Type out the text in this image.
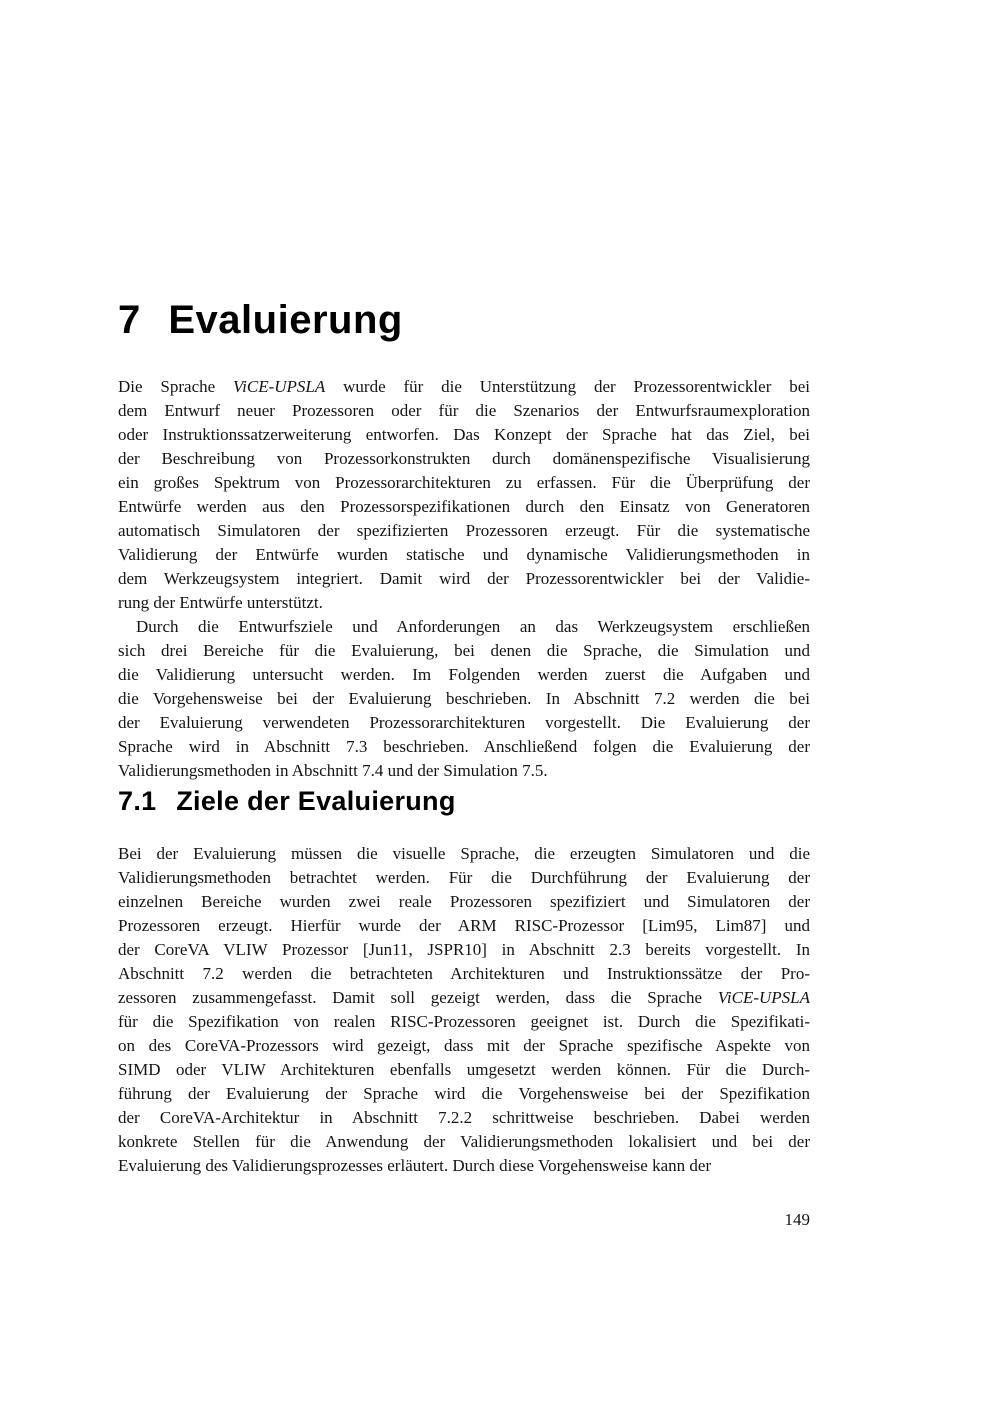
7 Evaluierung
Die Sprache ViCE-UPSLA wurde für die Unterstützung der Prozessorentwickler bei
dem Entwurf neuer Prozessoren oder für die Szenarios der Entwurfsraumexploration
oder Instruktionssatzerweiterung entworfen. Das Konzept der Sprache hat das Ziel, bei
der Beschreibung von Prozessorkonstrukten durch domänenspezifische Visualisierung
ein großes Spektrum von Prozessorarchitekturen zu erfassen. Für die Überprüfung der
Entwürfe werden aus den Prozessorspezifikationen durch den Einsatz von Generatoren
automatisch Simulatoren der spezifizierten Prozessoren erzeugt. Für die systematische
Validierung der Entwürfe wurden statische und dynamische Validierungsmethoden in
dem Werkzeugsystem integriert. Damit wird der Prozessorentwickler bei der Validie-
rung der Entwürfe unterstützt.
Durch die Entwurfsziele und Anforderungen an das Werkzeugsystem erschließen
sich drei Bereiche für die Evaluierung, bei denen die Sprache, die Simulation und
die Validierung untersucht werden. Im Folgenden werden zuerst die Aufgaben und
die Vorgehensweise bei der Evaluierung beschrieben. In Abschnitt 7.2 werden die bei
der Evaluierung verwendeten Prozessorarchitekturen vorgestellt. Die Evaluierung der
Sprache wird in Abschnitt 7.3 beschrieben. Anschließend folgen die Evaluierung der
Validierungsmethoden in Abschnitt 7.4 und der Simulation 7.5.
7.1 Ziele der Evaluierung
Bei der Evaluierung müssen die visuelle Sprache, die erzeugten Simulatoren und die
Validierungsmethoden betrachtet werden. Für die Durchführung der Evaluierung der
einzelnen Bereiche wurden zwei reale Prozessoren spezifiziert und Simulatoren der
Prozessoren erzeugt. Hierfür wurde der ARM RISC-Prozessor [Lim95, Lim87] und
der CoreVA VLIW Prozessor [Jun11, JSPR10] in Abschnitt 2.3 bereits vorgestellt. In
Abschnitt 7.2 werden die betrachteten Architekturen und Instruktionssätze der Pro-
zessoren zusammengefasst. Damit soll gezeigt werden, dass die Sprache ViCE-UPSLA
für die Spezifikation von realen RISC-Prozessoren geeignet ist. Durch die Spezifikati-
on des CoreVA-Prozessors wird gezeigt, dass mit der Sprache spezifische Aspekte von
SIMD oder VLIW Architekturen ebenfalls umgesetzt werden können. Für die Durch-
führung der Evaluierung der Sprache wird die Vorgehensweise bei der Spezifikation
der CoreVA-Architektur in Abschnitt 7.2.2 schrittweise beschrieben. Dabei werden
konkrete Stellen für die Anwendung der Validierungsmethoden lokalisiert und bei der
Evaluierung des Validierungsprozesses erläutert. Durch diese Vorgehensweise kann der
149
